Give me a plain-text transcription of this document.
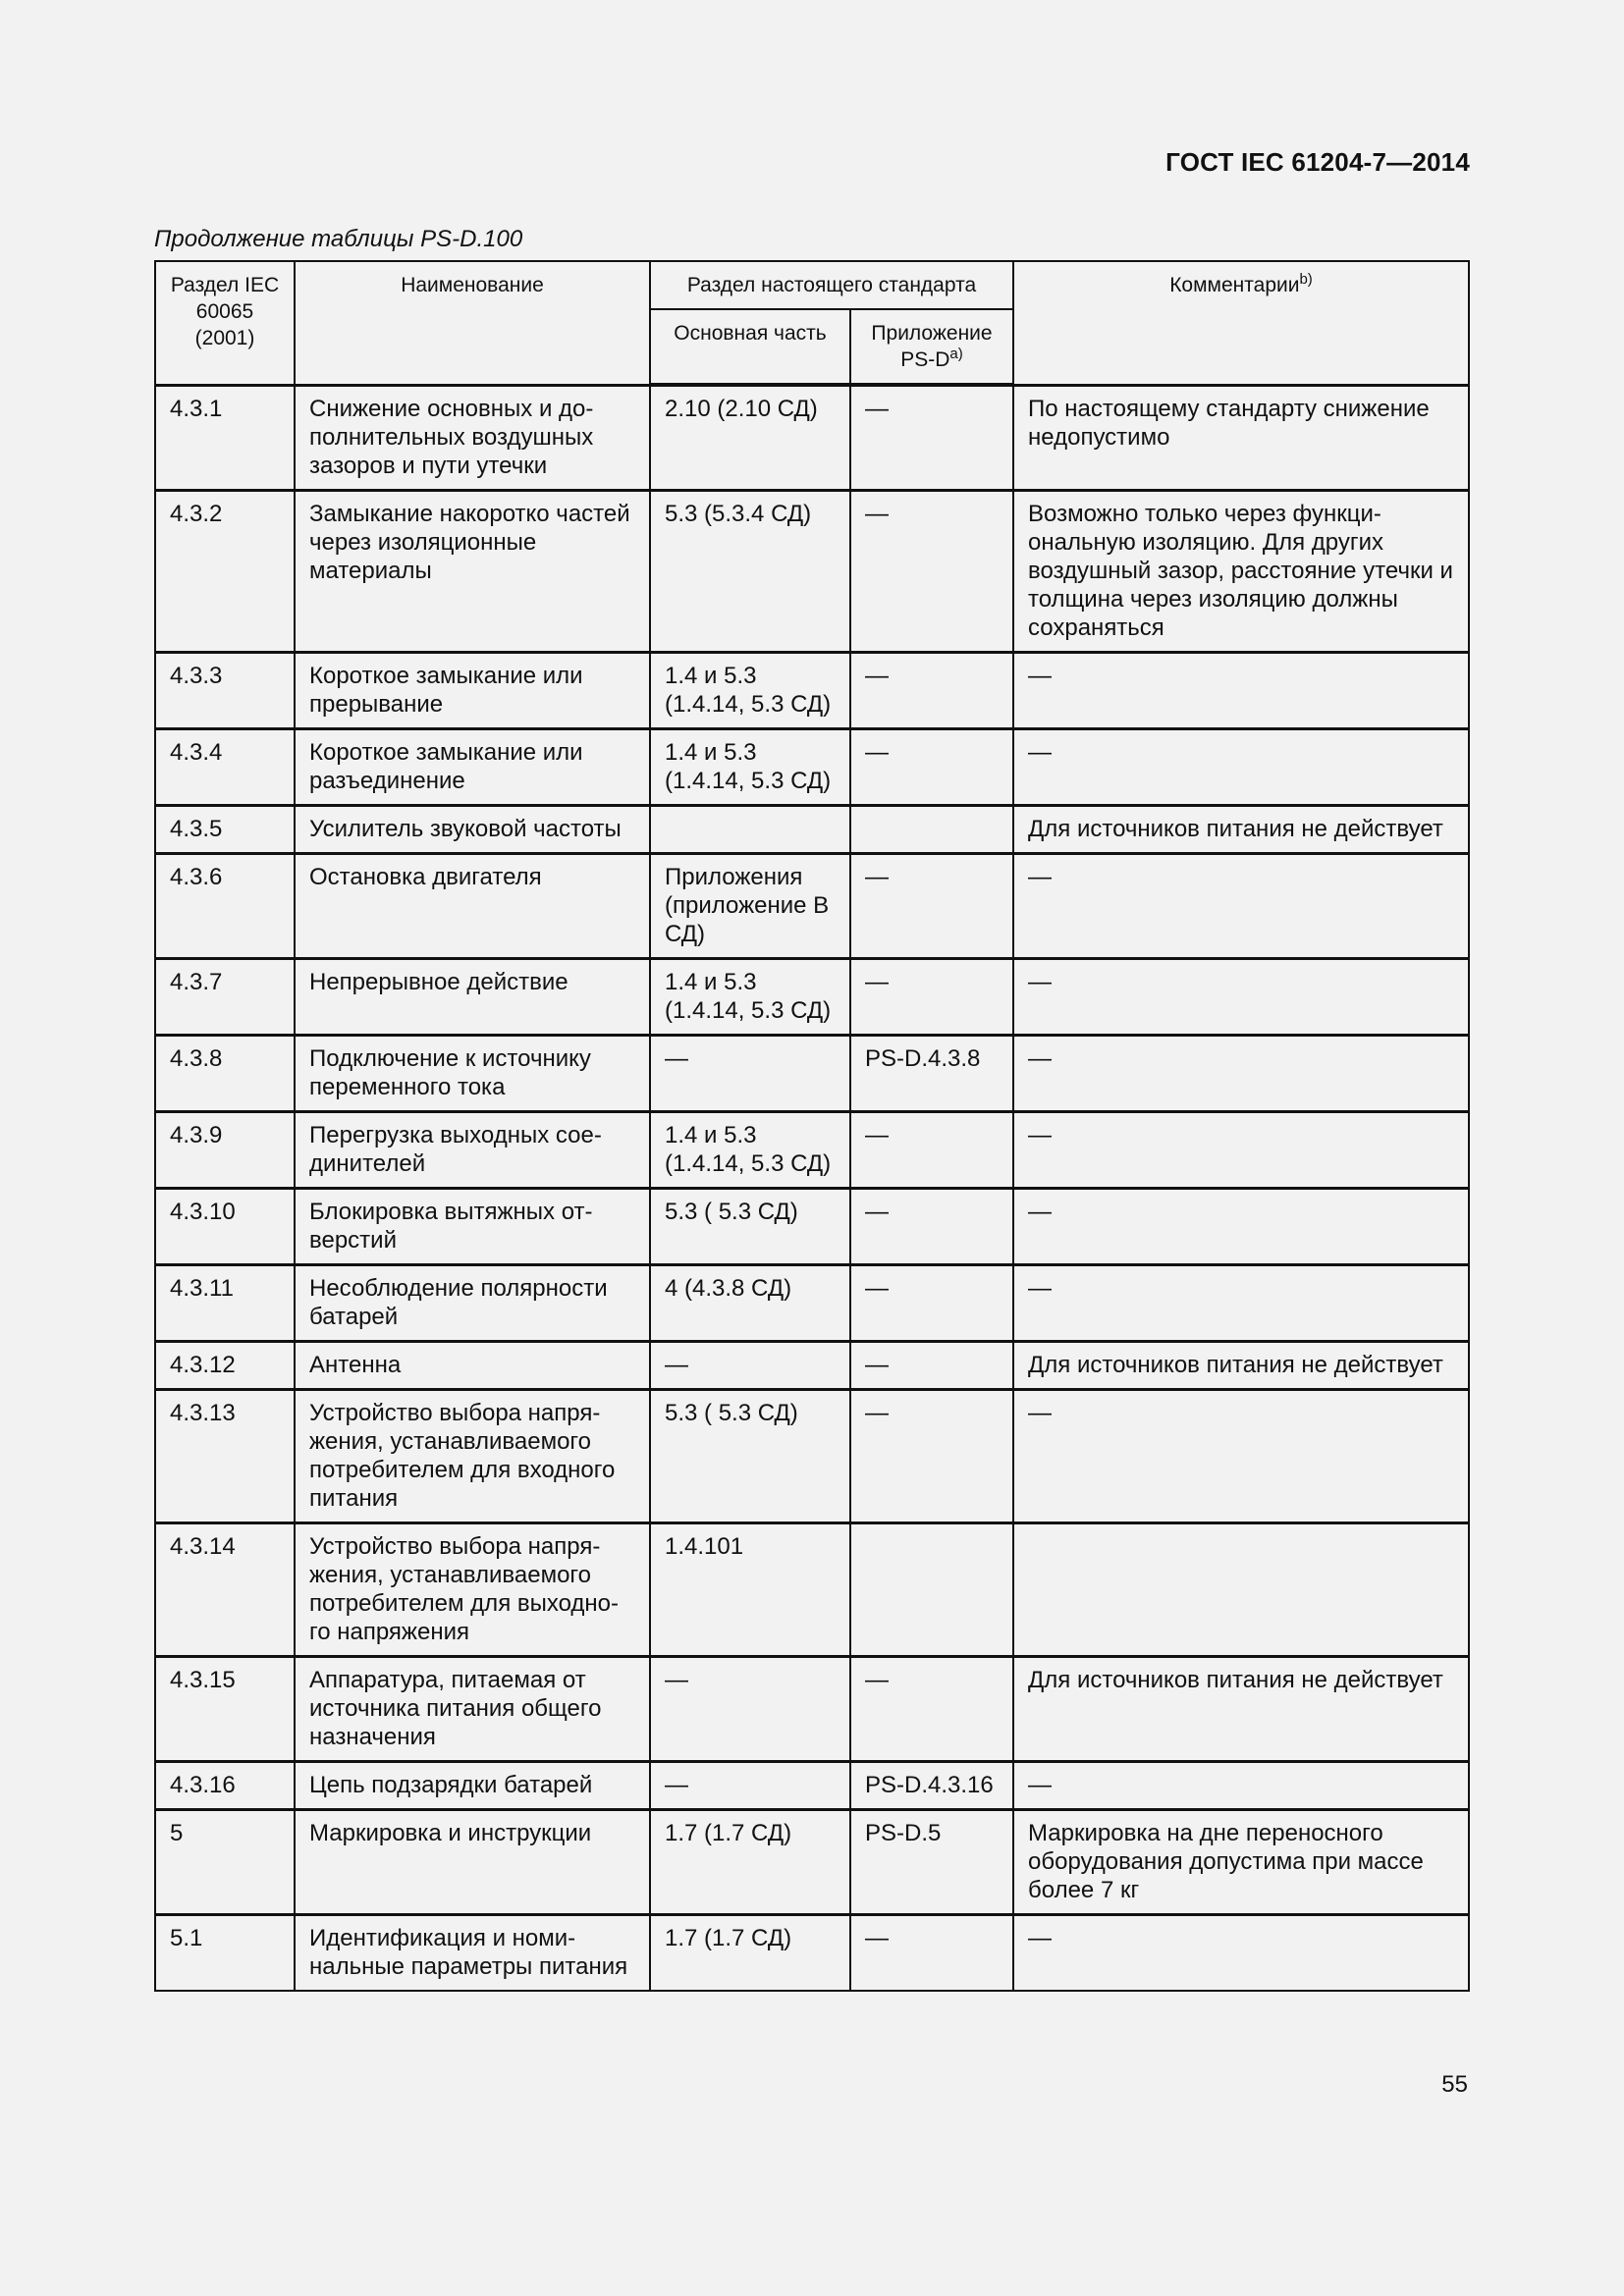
ГОСТ IEC 61204-7—2014
Продолжение таблицы PS-D.100
Раздел IEC 60065 (2001)	Наименование	Раздел настоящего стандарта		Комментарии$^{b)}$
		Основная часть	Приложение $PS-D^{a)}$
4.3.1	Снижение основных и до-полнительных воздушных зазоров и пути утечки	2.10 (2.10 СД)	—	По настоящему стандарту снижение недопустимо
4.3.2	Замыкание накоротко частей через изоляционные материалы	5.3 (5.3.4 СД)	—	Возможно только через функци-ональную изоляцию. Для других воздушный зазор, расстояние утечки и толщина через изоляцию должны сохраняться
4.3.3	Короткое замыкание или прерывание	1.4 и 5.3 (1.4.14, 5.3 СД)	—	—
4.3.4	Короткое замыкание или разъединение	1.4 и 5.3 (1.4.14, 5.3 СД)	—	—
4.3.5	Усилитель звуковой частоты			Для источников питания не действует
4.3.6	Остановка двигателя	Приложения (приложение В СД)	—	—
4.3.7	Непрерывное действие	1.4 и 5.3 (1.4.14, 5.3 СД)	—	—
4.3.8	Подключение к источнику переменного тока	—	PS-D.4.3.8	—
4.3.9	Перегрузка выходных сое-динителей	1.4 и 5.3 (1.4.14, 5.3 СД)	—	—
4.3.10	Блокировка вытяжных от-верстий	5.3 ( 5.3 СД)	—	—
4.3.11	Несоблюдение полярности батарей	4 (4.3.8 СД)	—	—
4.3.12	Антенна	—	—	Для источников питания не действует
4.3.13	Устройство выбора напря-жения, устанавливаемого потребителем для входного питания	5.3 ( 5.3 СД)	—	—
4.3.14	Устройство выбора напря-жения, устанавливаемого потребителем для выходно-го напряжения	1.4.101		
4.3.15	Аппаратура, питаемая от источника питания общего назначения	—	—	Для источников питания не действует
4.3.16	Цепь подзарядки батарей	—	PS-D.4.3.16	—
5	Маркировка и инструкции	1.7 (1.7 СД)	PS-D.5	Маркировка на дне переносного оборудования допустима при массе более 7 кг
5.1	Идентификация и номи-нальные параметры питания	1.7 (1.7 СД)	—	—
55
